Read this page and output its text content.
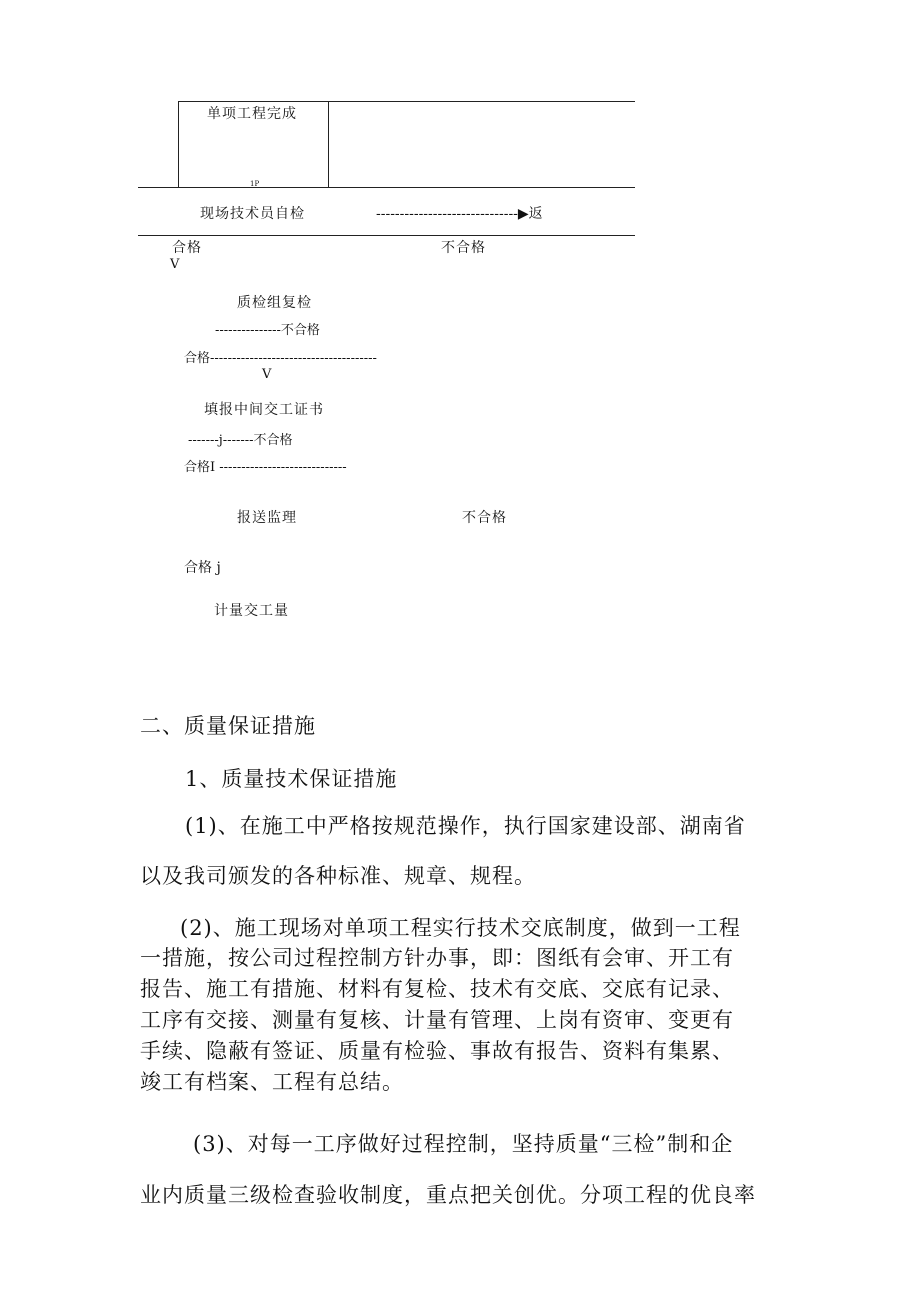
单项工程完成
1P
现场技术员自检	------------------------------▶返
合格	不合格
V
质检组复检
---------------不合格
合格--------------------------------------
V
填报中间交工证书
-------j-------不合格
合格Ⅰ -----------------------------
报送监理	不合格
合格 j
计量交工量
二、质量保证措施
1、质量技术保证措施
(1)、在施工中严格按规范操作，执行国家建设部、湖南省
以及我司颁发的各种标准、规章、规程。
(2)、施工现场对单项工程实行技术交底制度，做到一工程
一措施，按公司过程控制方针办事，即：图纸有会审、开工有
报告、施工有措施、材料有复检、技术有交底、交底有记录、
工序有交接、测量有复核、计量有管理、上岗有资审、变更有
手续、隐蔽有签证、质量有检验、事故有报告、资料有集累、
竣工有档案、工程有总结。
(3)、对每一工序做好过程控制，坚持质量“三检”制和企
业内质量三级检查验收制度，重点把关创优。分项工程的优良率
